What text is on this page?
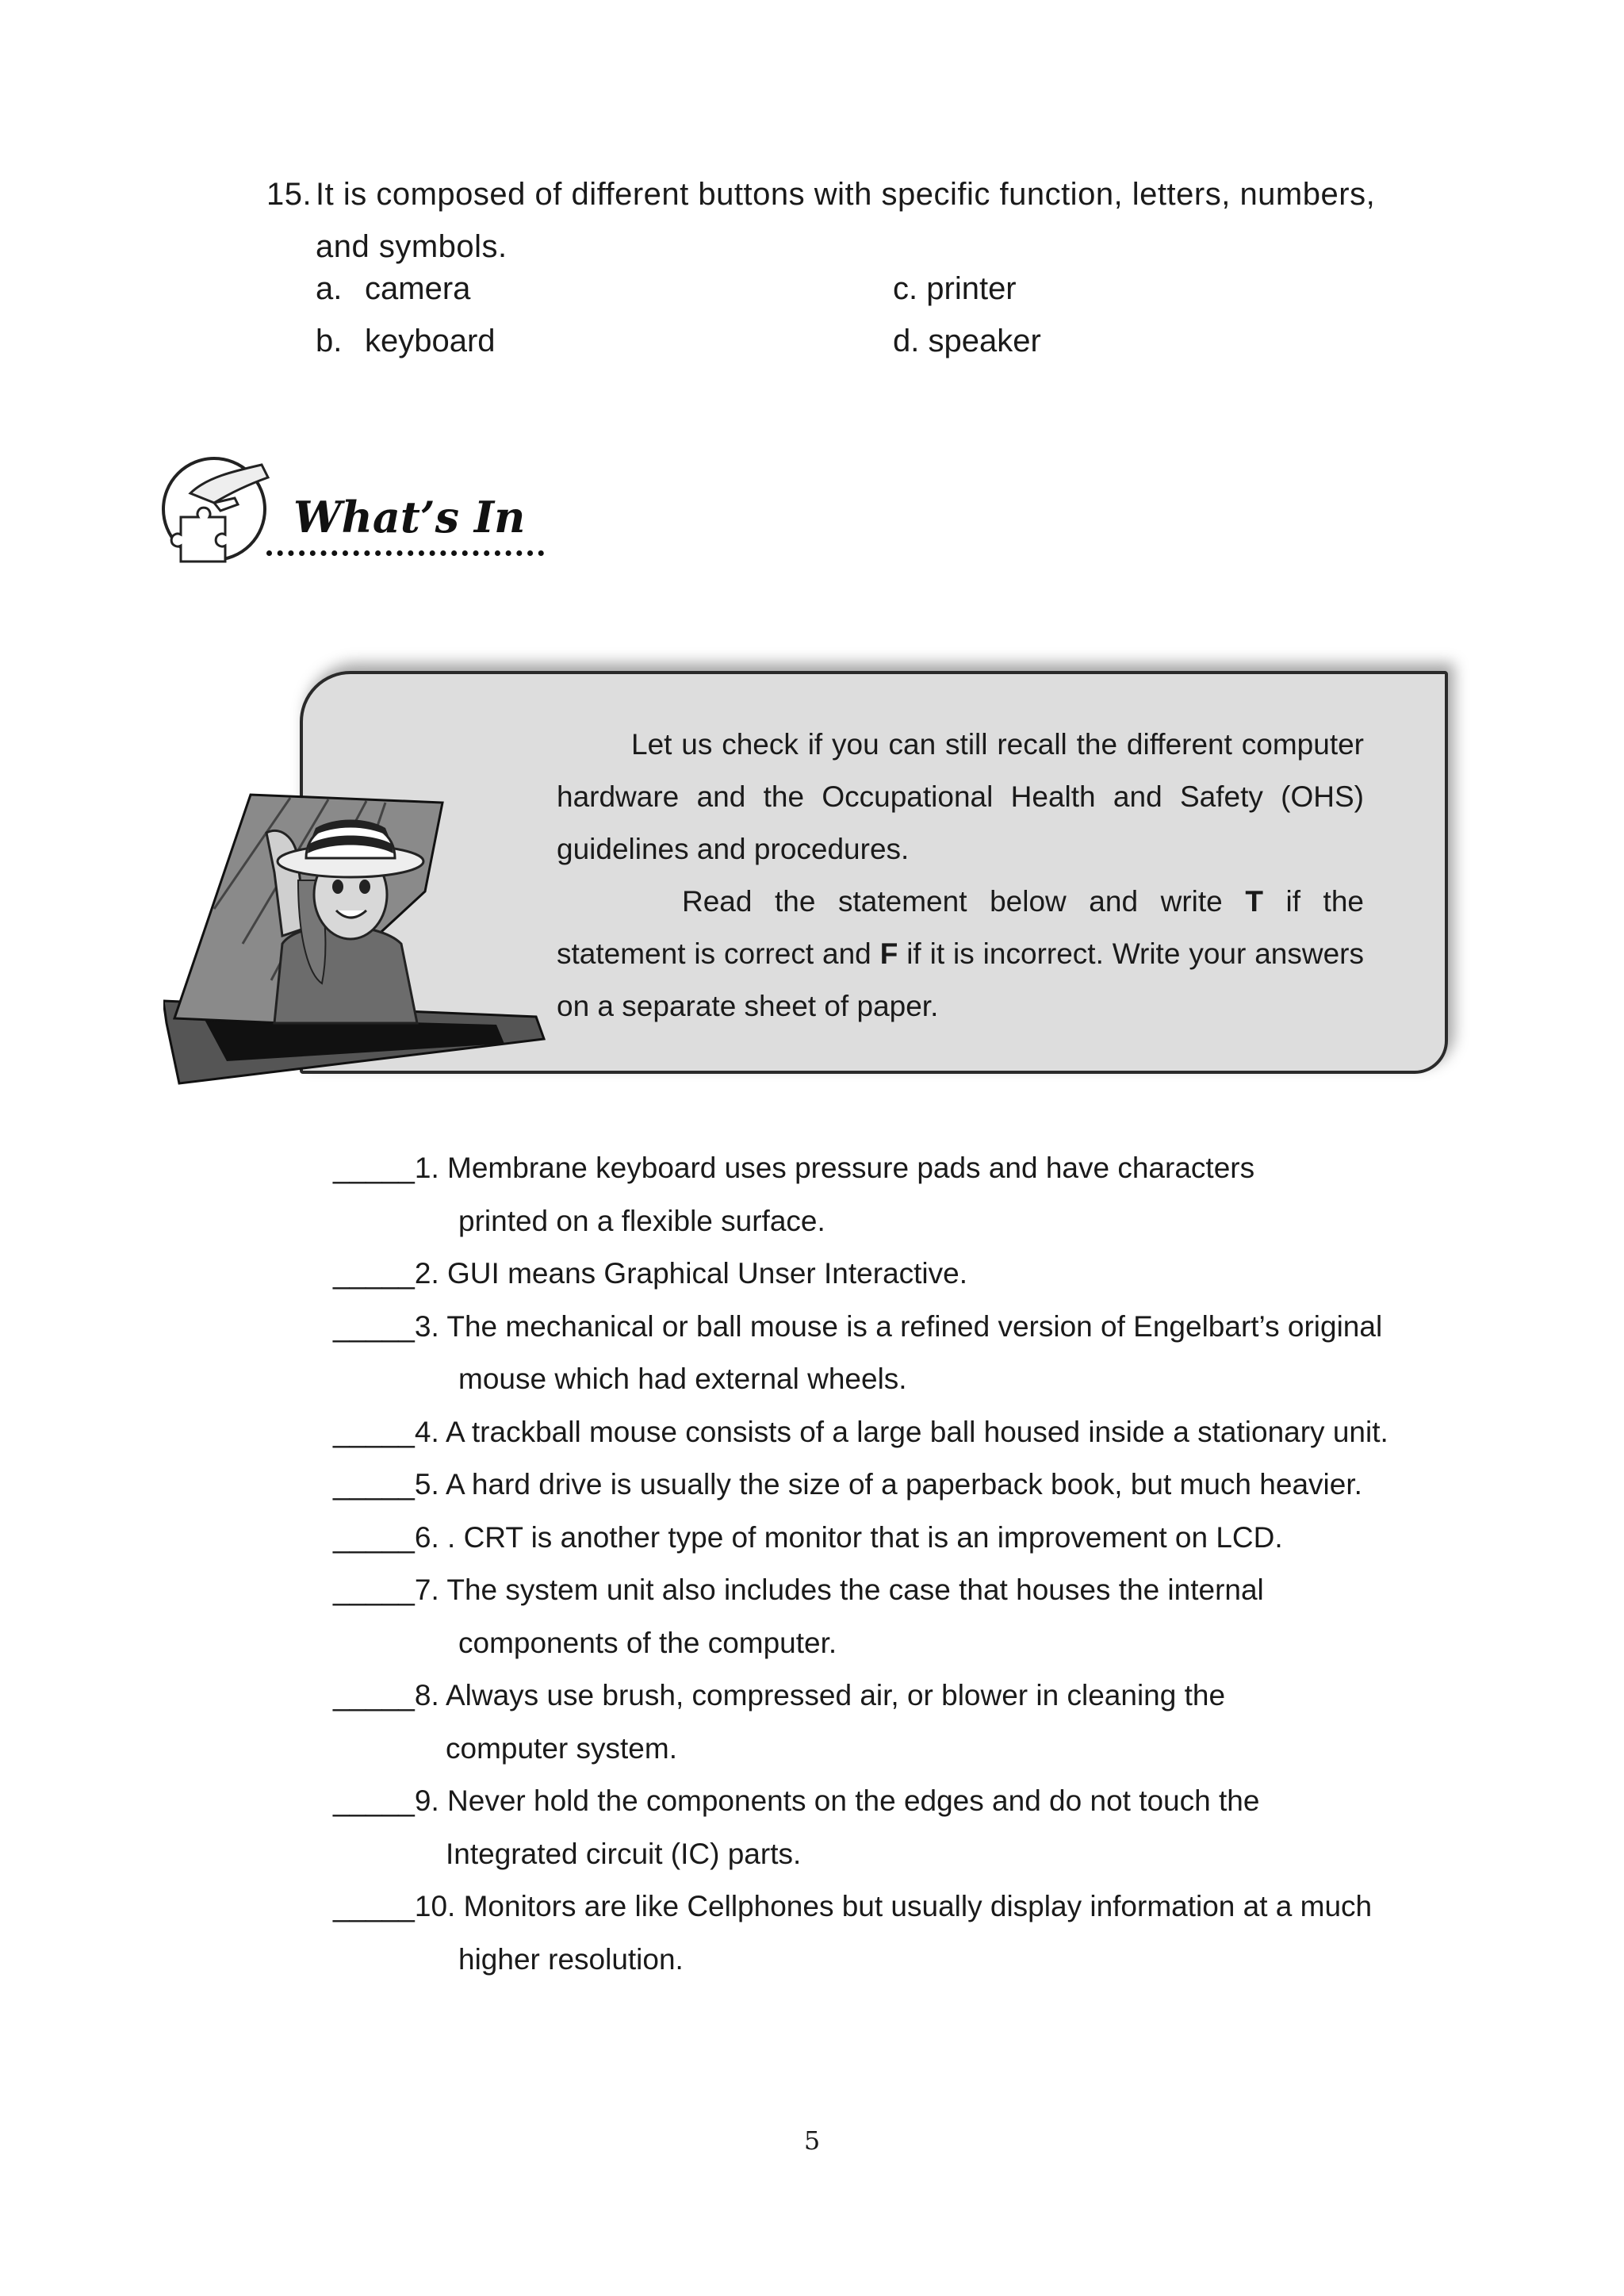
15. It is composed of different buttons with specific function, letters, numbers,
and symbols.
a. camera
b. keyboard
c. printer
d. speaker
What’s In

Let us check if you can still recall the different computer hardware and the Occupational Health and Safety (OHS) guidelines and procedures.

Read the statement below and write T if the statement is correct and F if it is incorrect. Write your answers on a separate sheet of paper.

_____1. Membrane keyboard uses pressure pads and have characters
printed on a flexible surface.
_____2. GUI means Graphical Unser Interactive.
_____3. The mechanical or ball mouse is a refined version of Engelbart’s original
mouse which had external wheels.
_____4. A trackball mouse consists of a large ball housed inside a stationary unit.
_____5. A hard drive is usually the size of a paperback book, but much heavier.
_____6. . CRT is another type of monitor that is an improvement on LCD.
_____7. The system unit also includes the case that houses the internal
components of the computer.
_____8. Always use brush, compressed air, or blower in cleaning the
computer system.
_____9. Never hold the components on the edges and do not touch the
Integrated circuit (IC) parts.
_____10. Monitors are like Cellphones but usually display information at a much
higher resolution.
5
